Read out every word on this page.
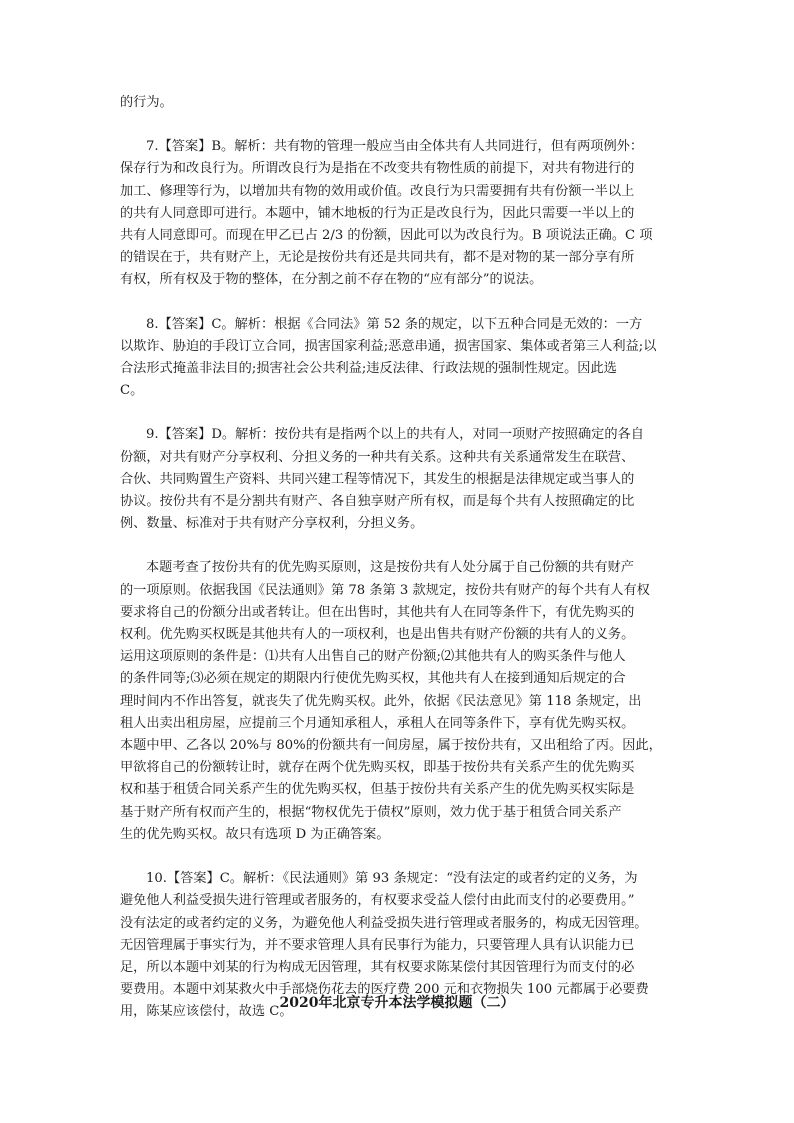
的行为。

7.【答案】B。解析：共有物的管理一般应当由全体共有人共同进行，但有两项例外：
保存行为和改良行为。所谓改良行为是指在不改变共有物性质的前提下，对共有物进行的
加工、修理等行为，以增加共有物的效用或价值。改良行为只需要拥有共有份额一半以上
的共有人同意即可进行。本题中，铺木地板的行为正是改良行为，因此只需要一半以上的
共有人同意即可。而现在甲乙已占 2/3 的份额，因此可以为改良行为。B 项说法正确。C 项
的错误在于，共有财产上，无论是按份共有还是共同共有，都不是对物的某一部分享有所
有权，所有权及于物的整体，在分割之前不存在物的“应有部分”的说法。

8.【答案】C。解析：根据《合同法》第 52 条的规定，以下五种合同是无效的：一方
以欺诈、胁迫的手段订立合同，损害国家利益;恶意串通，损害国家、集体或者第三人利益;以
合法形式掩盖非法目的;损害社会公共利益;违反法律、行政法规的强制性规定。因此选
C。

9.【答案】D。解析：按份共有是指两个以上的共有人，对同一项财产按照确定的各自
份额，对共有财产分享权利、分担义务的一种共有关系。这种共有关系通常发生在联营、
合伙、共同购置生产资料、共同兴建工程等情况下，其发生的根据是法律规定或当事人的
协议。按份共有不是分割共有财产、各自独享财产所有权，而是每个共有人按照确定的比
例、数量、标准对于共有财产分享权利，分担义务。

本题考查了按份共有的优先购买原则，这是按份共有人处分属于自己份额的共有财产
的一项原则。依据我国《民法通则》第 78 条第 3 款规定，按份共有财产的每个共有人有权
要求将自己的份额分出或者转让。但在出售时，其他共有人在同等条件下，有优先购买的
权利。优先购买权既是其他共有人的一项权利，也是出售共有财产份额的共有人的义务。
运用这项原则的条件是：⑴共有人出售自己的财产份额;⑵其他共有人的购买条件与他人
的条件同等;⑶必须在规定的期限内行使优先购买权，其他共有人在接到通知后规定的合
理时间内不作出答复，就丧失了优先购买权。此外，依据《民法意见》第 118 条规定，出
租人出卖出租房屋，应提前三个月通知承租人，承租人在同等条件下，享有优先购买权。
本题中甲、乙各以 20%与 80%的份额共有一间房屋，属于按份共有，又出租给了丙。因此，
甲欲将自己的份额转让时，就存在两个优先购买权，即基于按份共有关系产生的优先购买
权和基于租赁合同关系产生的优先购买权，但基于按份共有关系产生的优先购买权实际是
基于财产所有权而产生的，根据“物权优先于债权”原则，效力优于基于租赁合同关系产
生的优先购买权。故只有选项 D 为正确答案。

10.【答案】C。解析：《民法通则》第 93 条规定：“没有法定的或者约定的义务，为
避免他人利益受损失进行管理或者服务的，有权要求受益人偿付由此而支付的必要费用。”
没有法定的或者约定的义务，为避免他人利益受损失进行管理或者服务的，构成无因管理。
无因管理属于事实行为，并不要求管理人具有民事行为能力，只要管理人具有认识能力已
足，所以本题中刘某的行为构成无因管理，其有权要求陈某偿付其因管理行为而支付的必
要费用。本题中刘某救火中手部烧伤花去的医疗费 200 元和衣物损失 100 元都属于必要费
用，陈某应该偿付，故选 C。

2020年北京专升本法学模拟题（二）
